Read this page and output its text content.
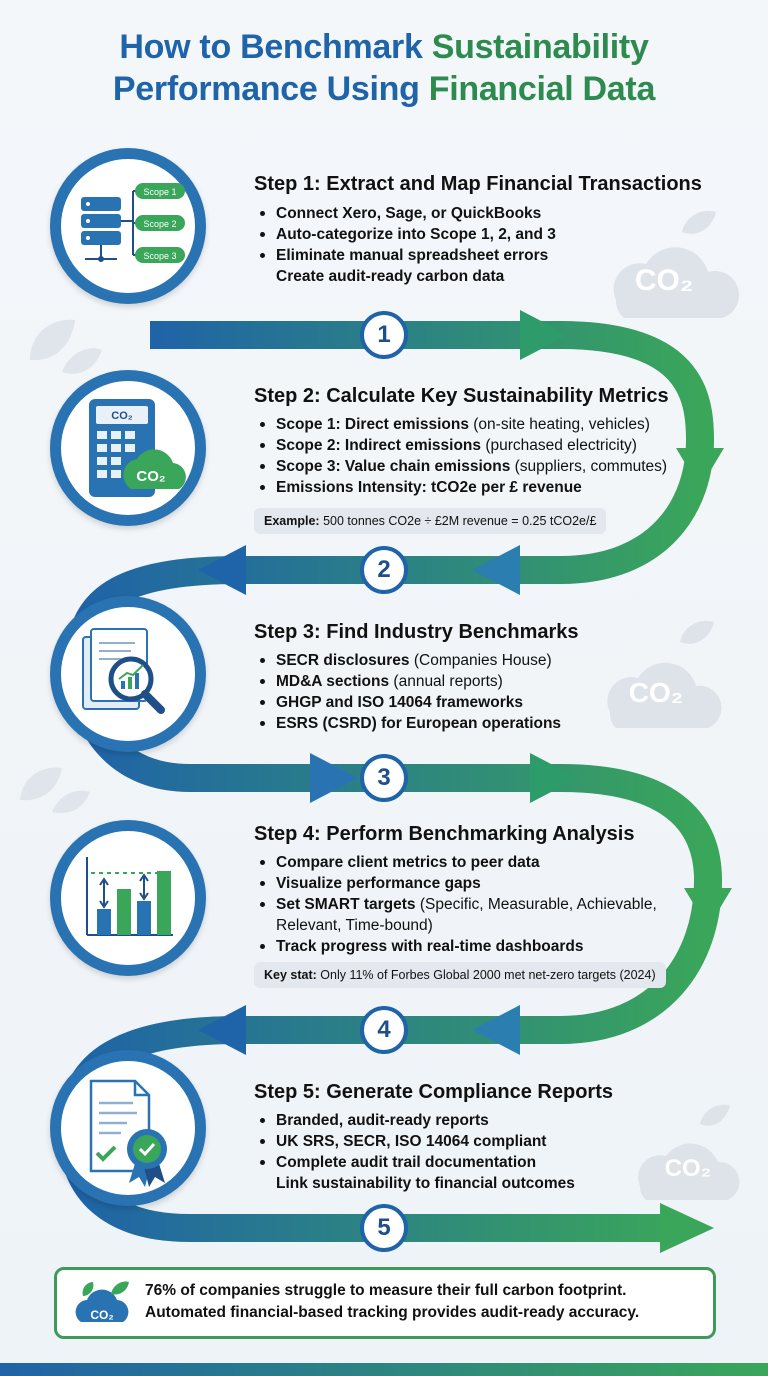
CO₂
CO₂
CO₂
How to Benchmark Sustainability
Performance Using Financial Data
Scope 1
Scope 2
Scope 3
Step 1: Extract and Map Financial Transactions
Connect Xero, Sage, or QuickBooks
Auto-categorize into Scope 1, 2, and 3
Eliminate manual spreadsheet errors
Create audit-ready carbon data
1
CO₂
CO₂
Step 2: Calculate Key Sustainability Metrics
Scope 1: Direct emissions (on-site heating, vehicles)
Scope 2: Indirect emissions (purchased electricity)
Scope 3: Value chain emissions (suppliers, commutes)
Emissions Intensity: tCO2e per £ revenue
Example: 500 tonnes CO2e ÷ £2M revenue = 0.25 tCO2e/£
2
Step 3: Find Industry Benchmarks
SECR disclosures (Companies House)
MD&A sections (annual reports)
GHGP and ISO 14064 frameworks
ESRS (CSRD) for European operations
3
Step 4: Perform Benchmarking Analysis
Compare client metrics to peer data
Visualize performance gaps
Set SMART targets (Specific, Measurable, Achievable,
Relevant, Time-bound)
Track progress with real-time dashboards
Key stat: Only 11% of Forbes Global 2000 met net-zero targets (2024)
4
Step 5: Generate Compliance Reports
Branded, audit-ready reports
UK SRS, SECR, ISO 14064 compliant
Complete audit trail documentation
Link sustainability to financial outcomes
5
CO₂
76% of companies struggle to measure their full carbon footprint.
Automated financial-based tracking provides audit-ready accuracy.
